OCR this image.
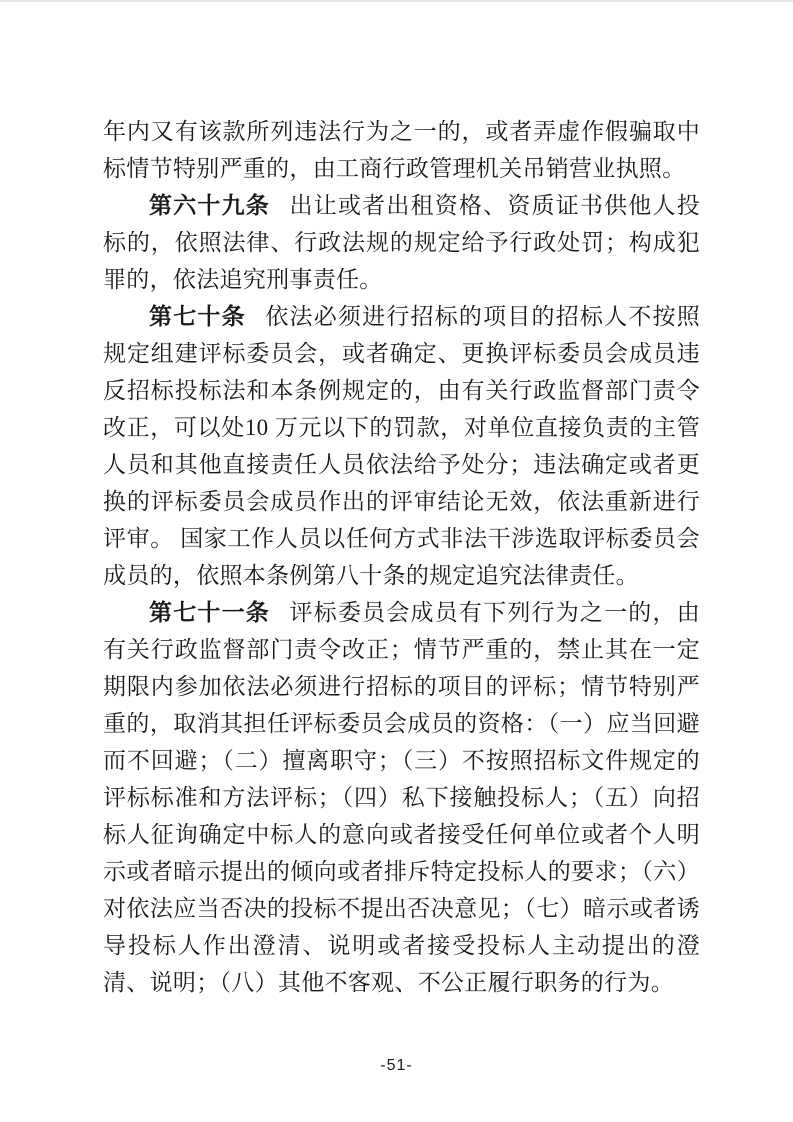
年内又有该款所列违法行为之一的，或者弄虚作假骗取中标情节特别严重的，由工商行政管理机关吊销营业执照。

第六十九条 出让或者出租资格、资质证书供他人投标的，依照法律、行政法规的规定给予行政处罚；构成犯罪的，依法追究刑事责任。

第七十条 依法必须进行招标的项目的招标人不按照规定组建评标委员会，或者确定、更换评标委员会成员违反招标投标法和本条例规定的，由有关行政监督部门责令改正，可以处10 万元以下的罚款，对单位直接负责的主管人员和其他直接责任人员依法给予处分；违法确定或者更换的评标委员会成员作出的评审结论无效，依法重新进行评审。 国家工作人员以任何方式非法干涉选取评标委员会成员的，依照本条例第八十条的规定追究法律责任。

第七十一条 评标委员会成员有下列行为之一的，由有关行政监督部门责令改正；情节严重的，禁止其在一定期限内参加依法必须进行招标的项目的评标；情节特别严重的，取消其担任评标委员会成员的资格：（一）应当回避而不回避；（二）擅离职守；（三）不按照招标文件规定的评标标准和方法评标；（四）私下接触投标人；（五）向招标人征询确定中标人的意向或者接受任何单位或者个人明示或者暗示提出的倾向或者排斥特定投标人的要求；（六）对依法应当否决的投标不提出否决意见；（七）暗示或者诱导投标人作出澄清、说明或者接受投标人主动提出的澄清、说明；（八）其他不客观、不公正履行职务的行为。

-51-
